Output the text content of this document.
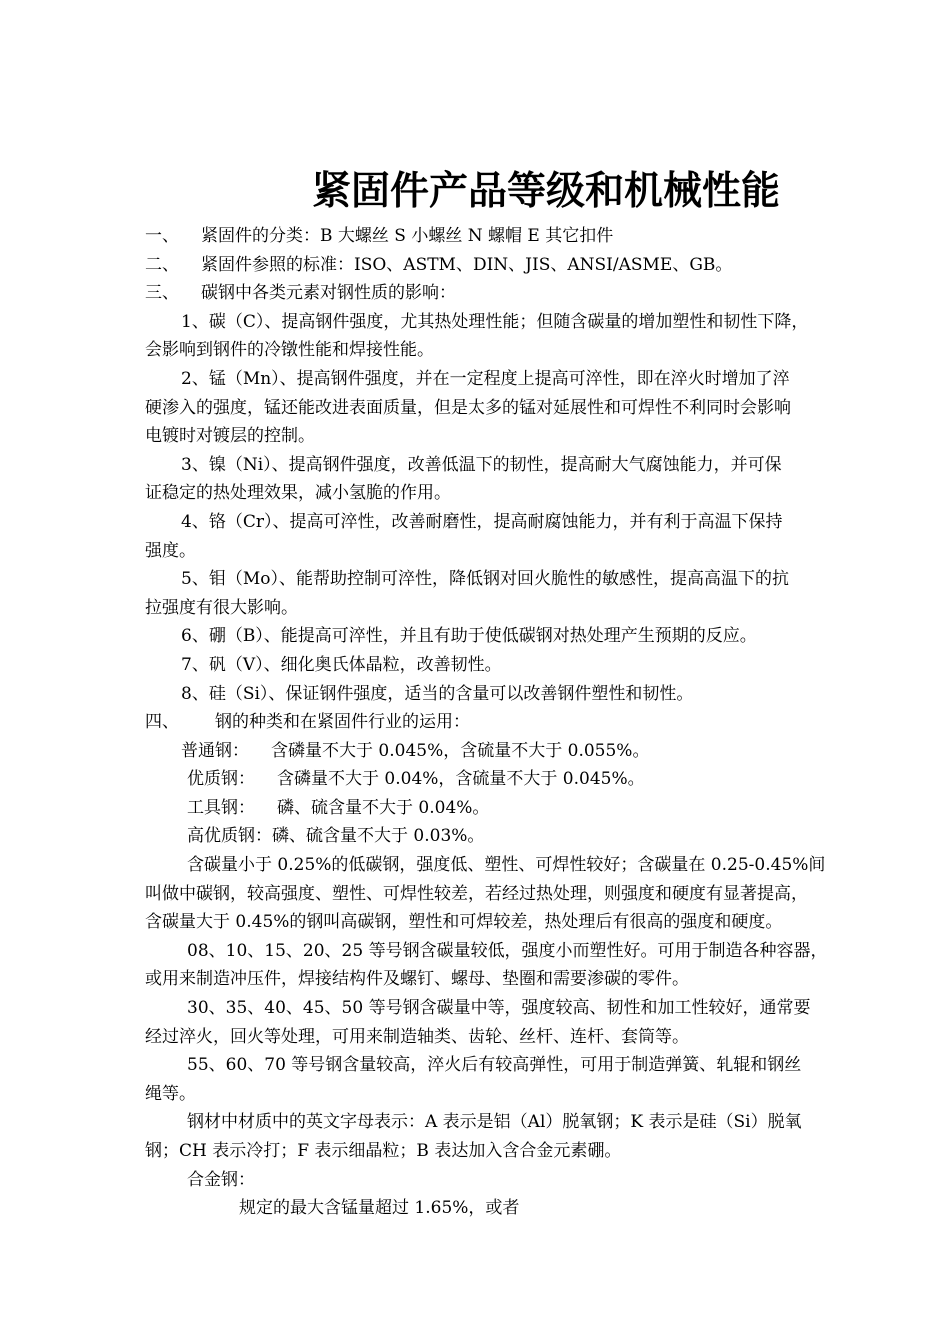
紧固件产品等级和机械性能
一、 紧固件的分类：B 大螺丝 S 小螺丝 N 螺帽 E 其它扣件
二、 紧固件参照的标准：ISO、ASTM、DIN、JIS、ANSI/ASME、GB。
三、 碳钢中各类元素对钢性质的影响：
1、碳（C）、提高钢件强度，尤其热处理性能；但随含碳量的增加塑性和韧性下降，
会影响到钢件的冷镦性能和焊接性能。
2、锰（Mn）、提高钢件强度，并在一定程度上提高可淬性，即在淬火时增加了淬
硬渗入的强度，锰还能改进表面质量，但是太多的锰对延展性和可焊性不利同时会影响
电镀时对镀层的控制。
3、镍（Ni）、提高钢件强度，改善低温下的韧性，提高耐大气腐蚀能力，并可保
证稳定的热处理效果，减小氢脆的作用。
4、铬（Cr）、提高可淬性，改善耐磨性，提高耐腐蚀能力，并有利于高温下保持
强度。
5、钼（Mo）、能帮助控制可淬性，降低钢对回火脆性的敏感性，提高高温下的抗
拉强度有很大影响。
6、硼（B）、能提高可淬性，并且有助于使低碳钢对热处理产生预期的反应。
7、矾（V）、细化奥氏体晶粒，改善韧性。
8、硅（Si）、保证钢件强度，适当的含量可以改善钢件塑性和韧性。
四、 钢的种类和在紧固件行业的运用：
普通钢： 含磷量不大于 0.045%，含硫量不大于 0.055%。
优质钢： 含磷量不大于 0.04%，含硫量不大于 0.045%。
工具钢： 磷、硫含量不大于 0.04%。
高优质钢：磷、硫含量不大于 0.03%。
含碳量小于 0.25%的低碳钢，强度低、塑性、可焊性较好；含碳量在 0.25-0.45%间
叫做中碳钢，较高强度、塑性、可焊性较差，若经过热处理，则强度和硬度有显著提高，
含碳量大于 0.45%的钢叫高碳钢，塑性和可焊较差，热处理后有很高的强度和硬度。
08、10、15、20、25 等号钢含碳量较低，强度小而塑性好。可用于制造各种容器，
或用来制造冲压件，焊接结构件及螺钉、螺母、垫圈和需要渗碳的零件。
30、35、40、45、50 等号钢含碳量中等，强度较高、韧性和加工性较好，通常要
经过淬火，回火等处理，可用来制造轴类、齿轮、丝杆、连杆、套筒等。
55、60、70 等号钢含量较高，淬火后有较高弹性，可用于制造弹簧、轧辊和钢丝
绳等。
钢材中材质中的英文字母表示：A 表示是铝（Al）脱氧钢；K 表示是硅（Si）脱氧
钢；CH 表示冷打；F 表示细晶粒；B 表达加入含合金元素硼。
合金钢：
规定的最大含锰量超过 1.65%，或者
